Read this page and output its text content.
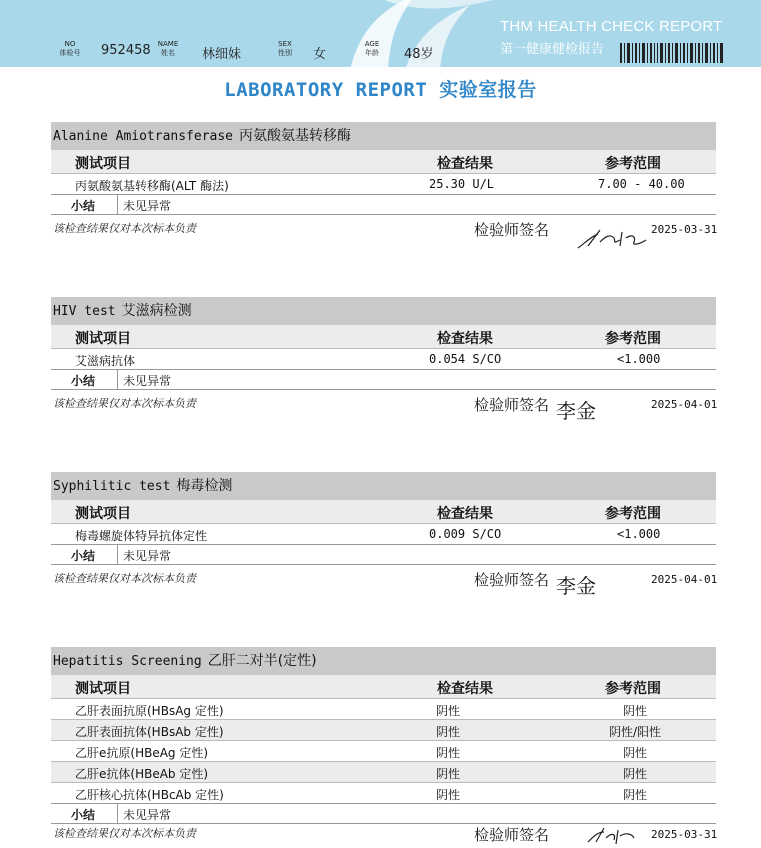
THM HEALTH CHECK REPORT
第一健康健检报告
NO
体检号	952458	NAME
姓名	林细妹
SEX
性别	女
AGE
年龄	48岁
LABORATORY REPORT 实验室报告
Alanine Amiotransferase 丙氨酸氨基转移酶
测试项目	检查结果	参考范围
丙氨酸氨基转移酶(ALT 酶法)	25.30 U/L	7.00 - 40.00
小结 未见异常
该检查结果仅对本次标本负责	检验师签名	2025-03-31
HIV test 艾滋病检测
测试项目	检查结果	参考范围
艾滋病抗体	0.054 S/CO	<1.000
小结 未见异常
该检查结果仅对本次标本负责	检验师签名 李金	2025-04-01
Syphilitic test 梅毒检测
测试项目	检查结果	参考范围
梅毒螺旋体特异抗体定性	0.009 S/CO	<1.000
小结 未见异常
该检查结果仅对本次标本负责	检验师签名 李金	2025-04-01
Hepatitis Screening 乙肝二对半(定性)
测试项目	检查结果	参考范围
乙肝表面抗原(HBsAg 定性)	阴性	阴性
乙肝表面抗体(HBsAb 定性)	阴性	阴性/阳性
乙肝e抗原(HBeAg 定性)	阴性	阴性
乙肝e抗体(HBeAb 定性)	阴性	阴性
乙肝核心抗体(HBcAb 定性)	阴性	阴性
小结 未见异常
该检查结果仅对本次标本负责	检验师签名	2025-03-31
